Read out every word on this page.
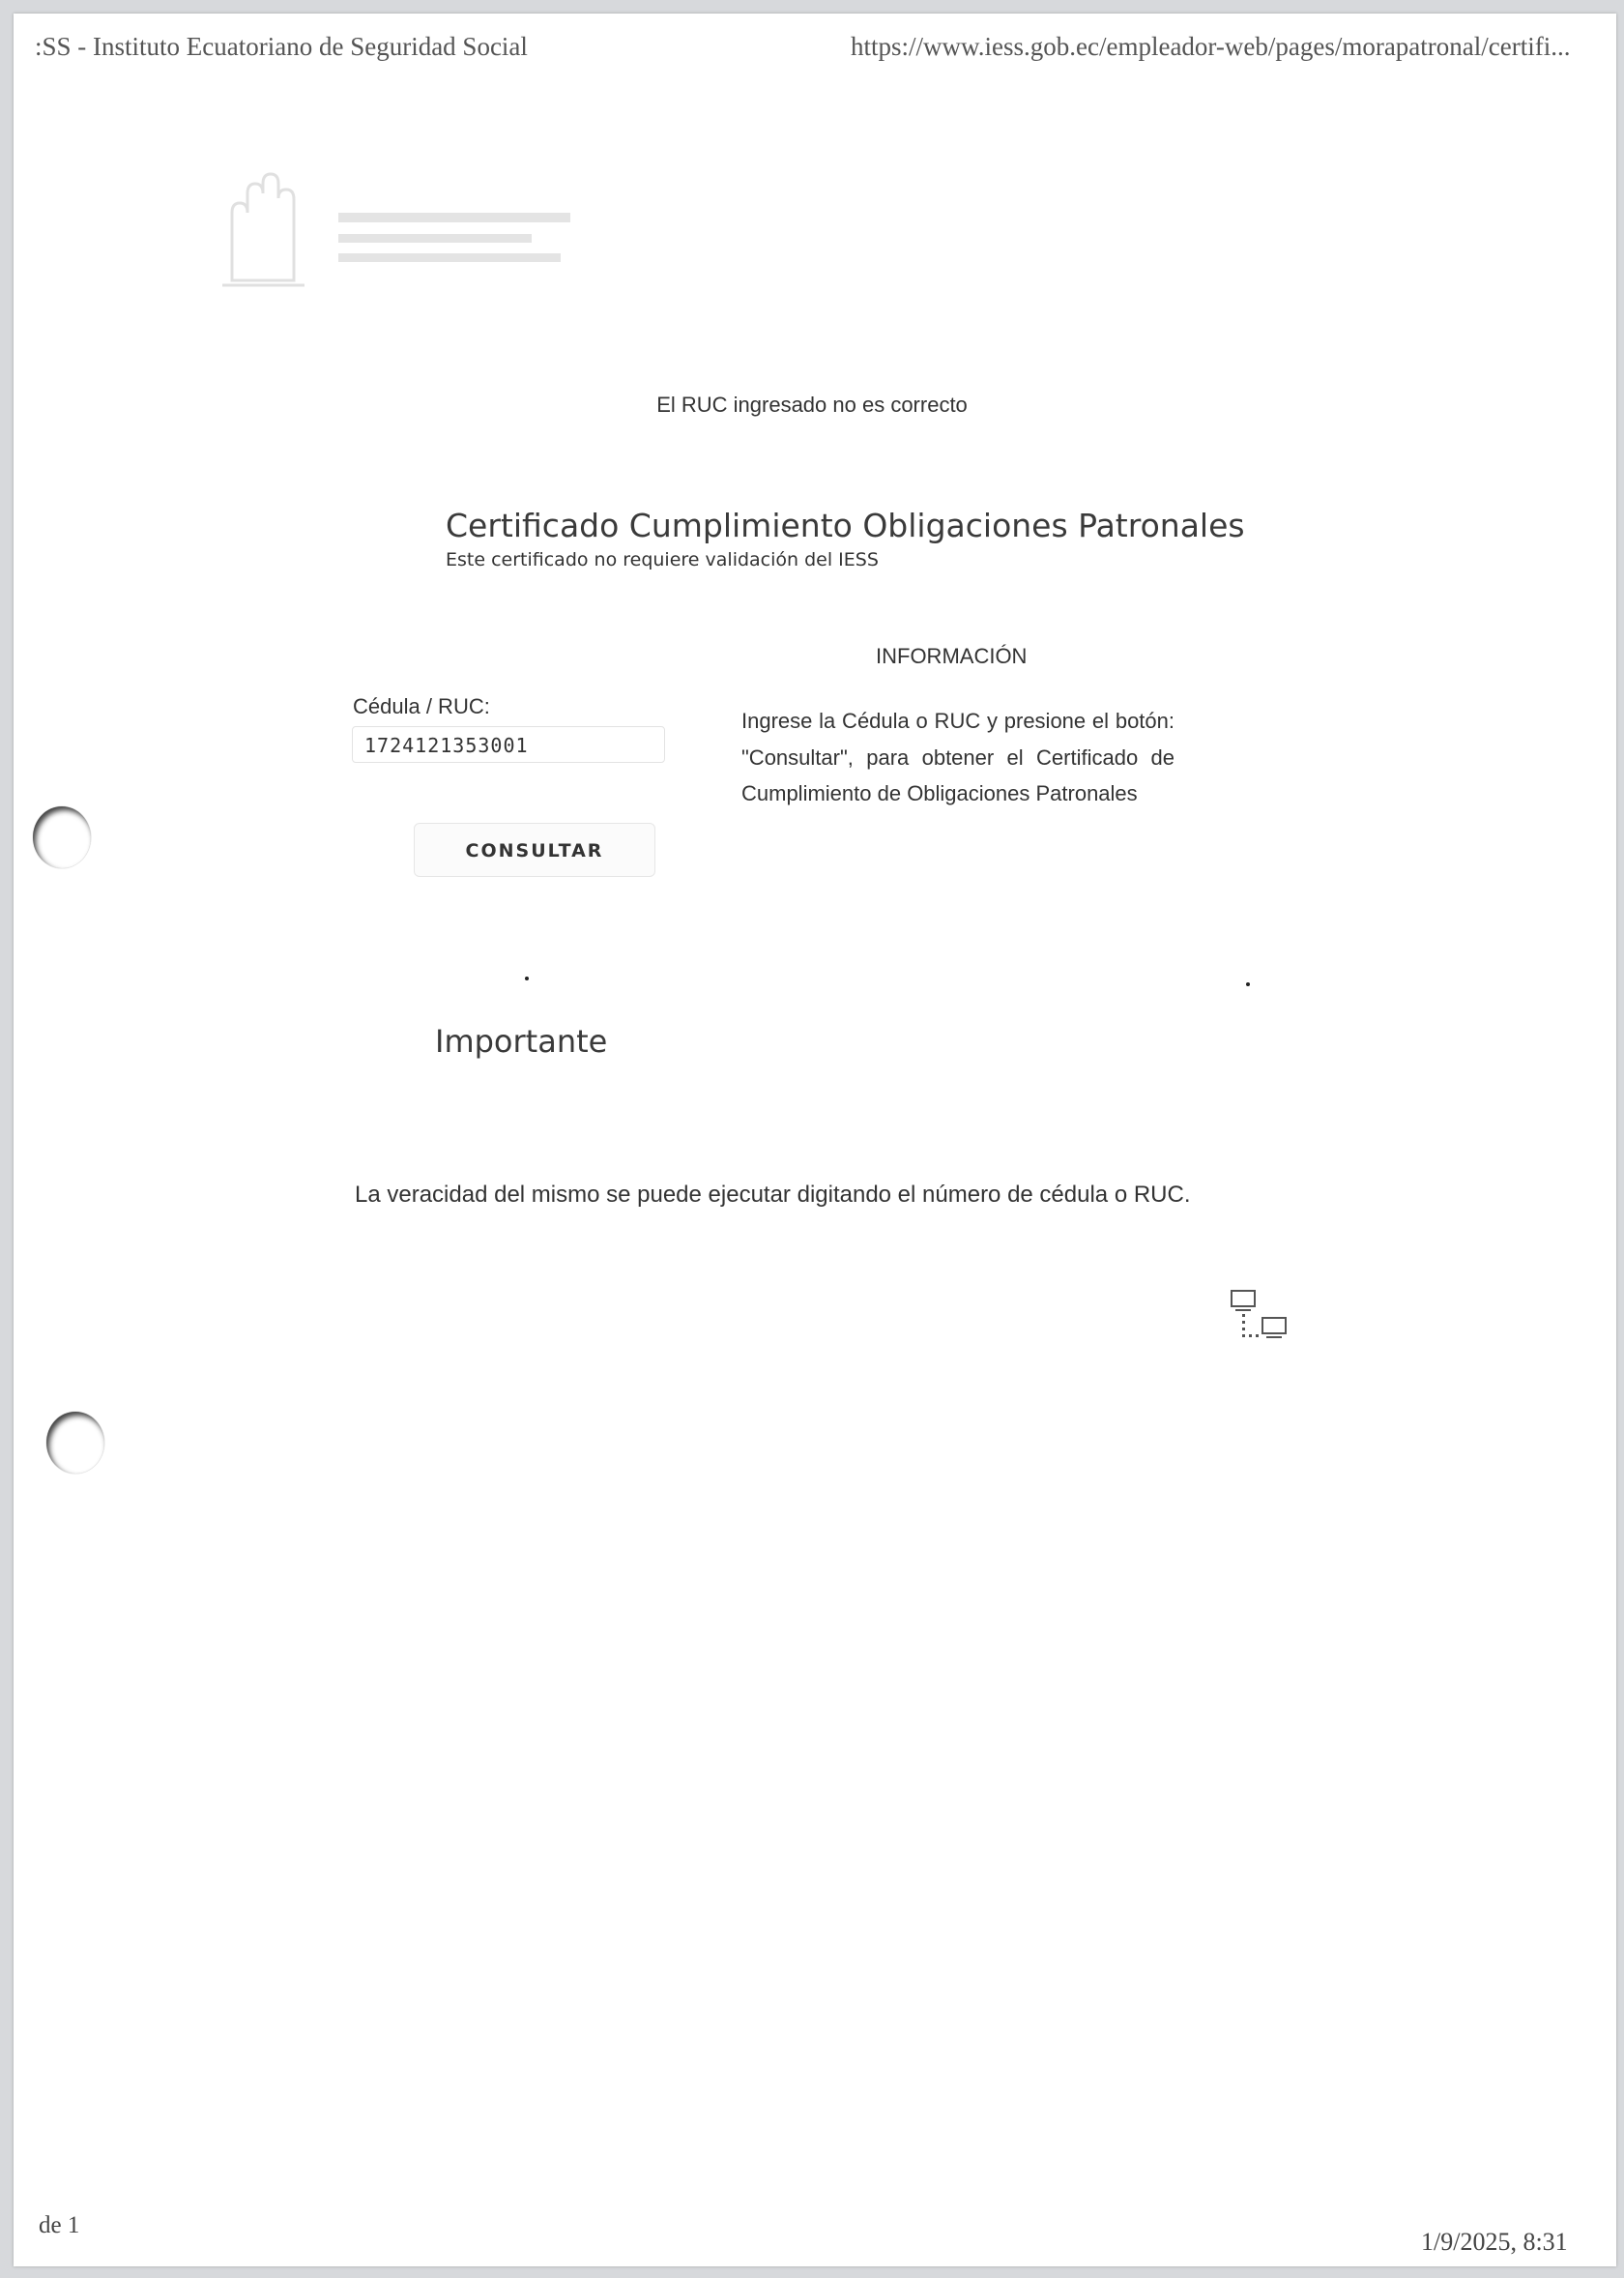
:SS - Instituto Ecuatoriano de Seguridad Social	https://www.iess.gob.ec/empleador-web/pages/morapatronal/certifi...
El RUC ingresado no es correcto
Certificado Cumplimiento Obligaciones Patronales
Este certificado no requiere validación del IESS
INFORMACIÓN
Cédula / RUC:
1724121353001
CONSULTAR
Ingrese la Cédula o RUC y presione el botón: "Consultar", para obtener el Certificado de Cumplimiento de Obligaciones Patronales
Importante
La veracidad del mismo se puede ejecutar digitando el número de cédula o RUC.
de 1
1/9/2025, 8:31
